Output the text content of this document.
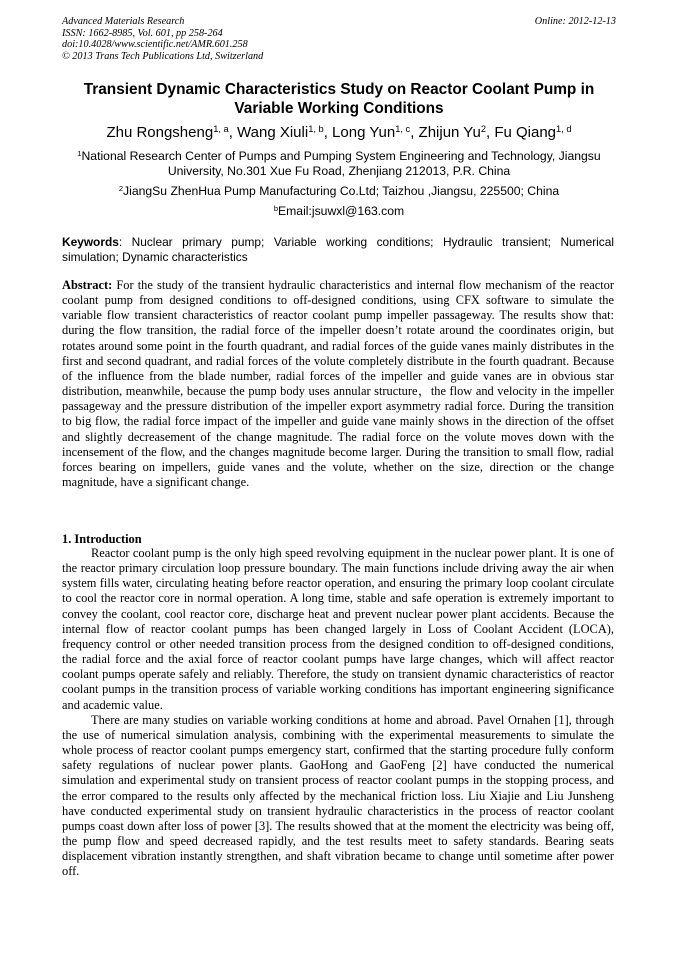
Advanced Materials Research
ISSN: 1662-8985, Vol. 601, pp 258-264
doi:10.4028/www.scientific.net/AMR.601.258
© 2013 Trans Tech Publications Ltd, Switzerland
Online: 2012-12-13
Transient Dynamic Characteristics Study on Reactor Coolant Pump in Variable Working Conditions
Zhu Rongsheng$^{1, a}$, Wang Xiuli$^{1, b}$, Long Yun$^{1, c}$, Zhijun Yu$^2$, Fu Qiang$^{1, d}$
$^1$National Research Center of Pumps and Pumping System Engineering and Technology, Jiangsu University, No.301 Xue Fu Road, Zhenjiang 212013, P.R. China
$^2$JiangSu ZhenHua Pump Manufacturing Co.Ltd; Taizhou ,Jiangsu, 225500; China
$^b$Email:jsuwxl@163.com
Keywords: Nuclear primary pump; Variable working conditions; Hydraulic transient; Numerical simulation; Dynamic characteristics
Abstract: For the study of the transient hydraulic characteristics and internal flow mechanism of the reactor coolant pump from designed conditions to off-designed conditions, using CFX software to simulate the variable flow transient characteristics of reactor coolant pump impeller passageway. The results show that: during the flow transition, the radial force of the impeller doesn’t rotate around the coordinates origin, but rotates around some point in the fourth quadrant, and radial forces of the guide vanes mainly distributes in the first and second quadrant, and radial forces of the volute completely distribute in the fourth quadrant. Because of the influence from the blade number, radial forces of the impeller and guide vanes are in obvious star distribution, meanwhile, because the pump body uses annular structure，the flow and velocity in the impeller passageway and the pressure distribution of the impeller export asymmetry radial force. During the transition to big flow, the radial force impact of the impeller and guide vane mainly shows in the direction of the offset and slightly decreasement of the change magnitude. The radial force on the volute moves down with the incensement of the flow, and the changes magnitude become larger. During the transition to small flow, radial forces bearing on impellers, guide vanes and the volute, whether on the size, direction or the change magnitude, have a significant change.
1. Introduction

Reactor coolant pump is the only high speed revolving equipment in the nuclear power plant. It is one of the reactor primary circulation loop pressure boundary. The main functions include driving away the air when system fills water, circulating heating before reactor operation, and ensuring the primary loop coolant circulate to cool the reactor core in normal operation. A long time, stable and safe operation is extremely important to convey the coolant, cool reactor core, discharge heat and prevent nuclear power plant accidents. Because the internal flow of reactor coolant pumps has been changed largely in Loss of Coolant Accident (LOCA), frequency control or other needed transition process from the designed condition to off-designed conditions, the radial force and the axial force of reactor coolant pumps have large changes, which will affect reactor coolant pumps operate safely and reliably. Therefore, the study on transient dynamic characteristics of reactor coolant pumps in the transition process of variable working conditions has important engineering significance and academic value.

There are many studies on variable working conditions at home and abroad. Pavel Ornahen [1], through the use of numerical simulation analysis, combining with the experimental measurements to simulate the whole process of reactor coolant pumps emergency start, confirmed that the starting procedure fully conform safety regulations of nuclear power plants. GaoHong and GaoFeng [2] have conducted the numerical simulation and experimental study on transient process of reactor coolant pumps in the stopping process, and the error compared to the results only affected by the mechanical friction loss. Liu Xiajie and Liu Junsheng have conducted experimental study on transient hydraulic characteristics in the process of reactor coolant pumps coast down after loss of power [3]. The results showed that at the moment the electricity was being off, the pump flow and speed decreased rapidly, and the test results meet to safety standards. Bearing seats displacement vibration instantly strengthen, and shaft vibration became to change until sometime after power off.
